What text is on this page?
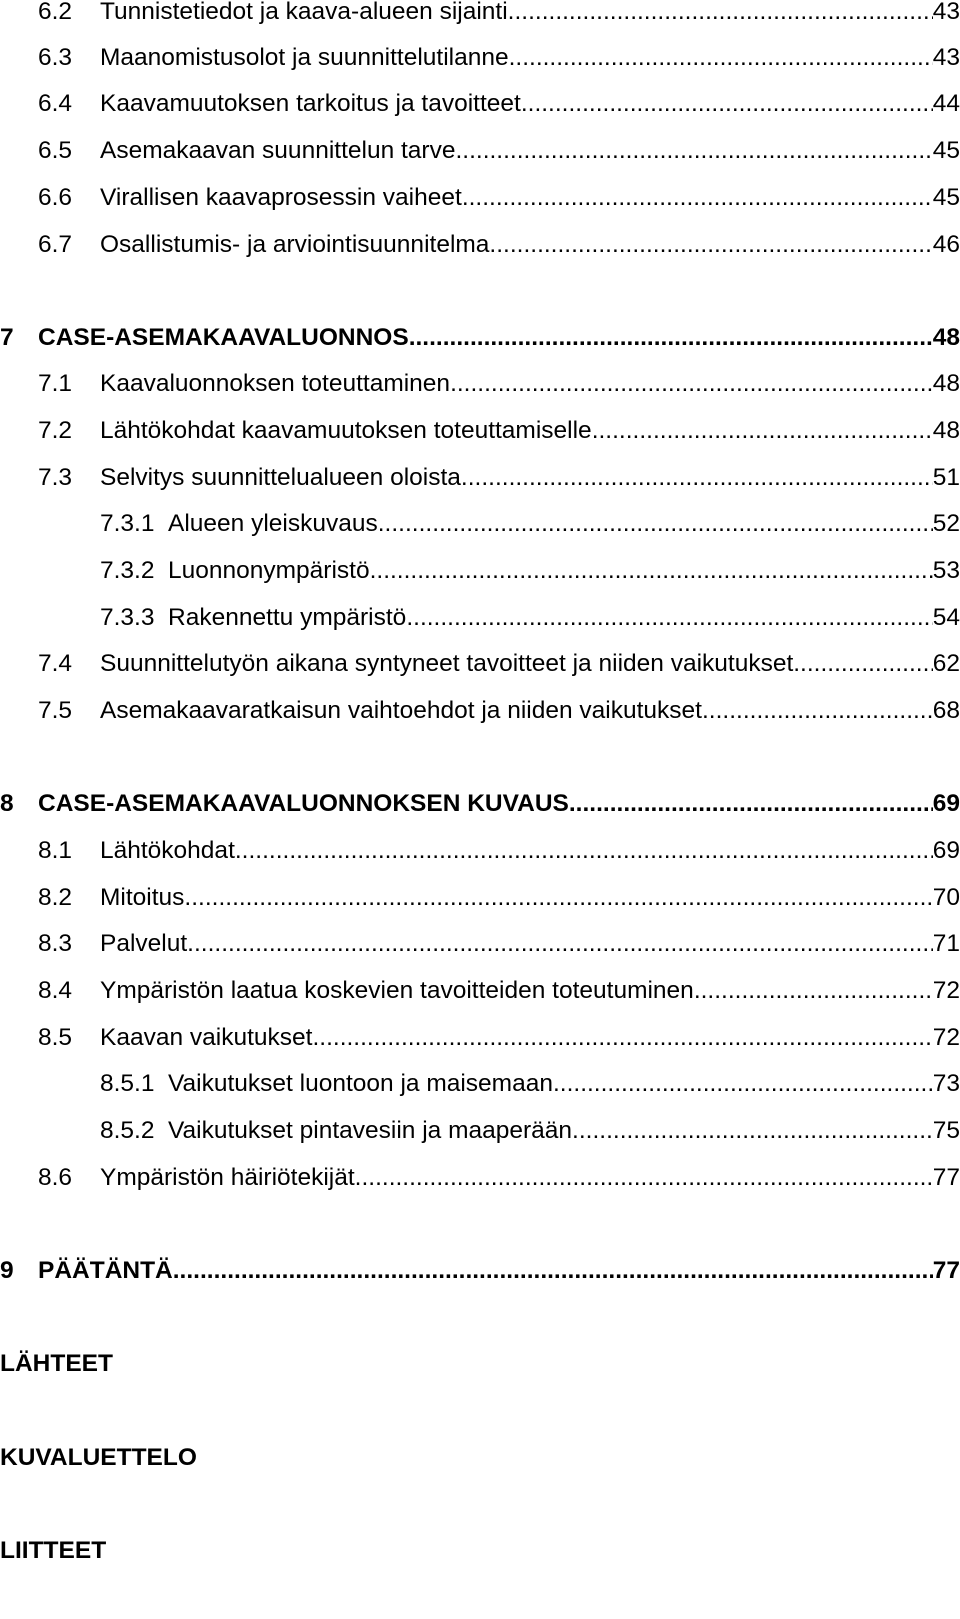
6.2	Tunnistetiedot ja kaava-alueen sijainti .....	43
6.3	Maanomistusolot ja suunnittelutilanne .....	43
6.4	Kaavamuutoksen tarkoitus ja tavoitteet .....	44
6.5	Asemakaavan suunnittelun tarve .....	45
6.6	Virallisen kaavaprosessin vaiheet .....	45
6.7	Osallistumis- ja arviointisuunnitelma .....	46
7 CASE-ASEMAKAAVALUONNOS .....	48
7.1	Kaavaluonnoksen toteuttaminen .....	48
7.2	Lähtökohdat kaavamuutoksen toteuttamiselle .....	48
7.3	Selvitys suunnittelualueen oloista .....	51
7.3.1 Alueen yleiskuvaus .....	52
7.3.2 Luonnonympäristö .....	53
7.3.3 Rakennettu ympäristö .....	54
7.4	Suunnittelutyön aikana syntyneet tavoitteet ja niiden vaikutukset .....	62
7.5	Asemakaavaratkaisun vaihtoehdot ja niiden vaikutukset .....	68
8 CASE-ASEMAKAAVALUONNOKSEN KUVAUS .....	69
8.1	Lähtökohdat .....	69
8.2	Mitoitus .....	70
8.3	Palvelut .....	71
8.4	Ympäristön laatua koskevien tavoitteiden toteutuminen .....	72
8.5	Kaavan vaikutukset .....	72
8.5.1 Vaikutukset luontoon ja maisemaan .....	73
8.5.2 Vaikutukset pintavesiin ja maaperään .....	75
8.6	Ympäristön häiriötekijät .....	77
9 PÄÄTÄNTÄ .....	77
LÄHTEET
KUVALUETTELO
LIITTEET
